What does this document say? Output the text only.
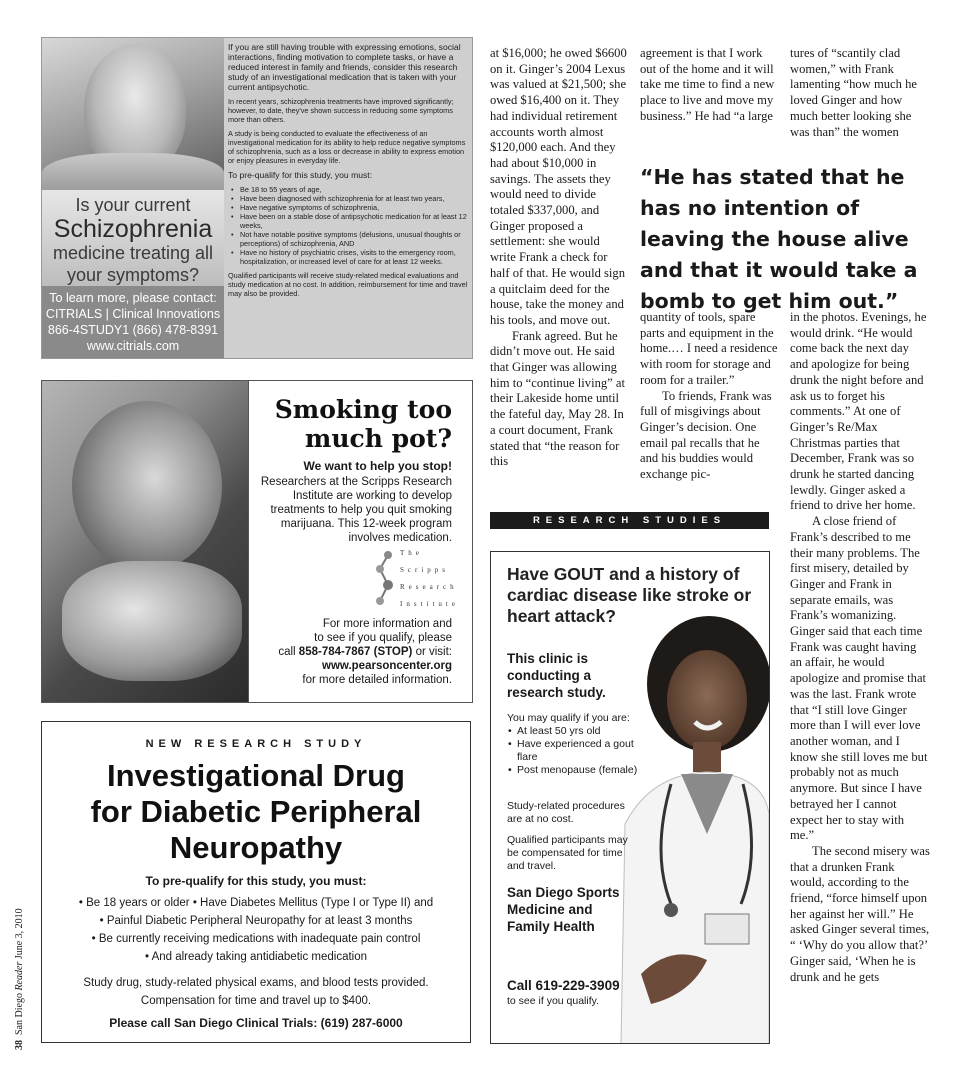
Is your current
Schizophrenia
medicine treating all
your symptoms?
To learn more, please contact:
CITRIALS | Clinical Innovations
866-4STUDY1 (866) 478-8391
www.citrials.com

If you are still having trouble with expressing emotions, social interactions, finding motivation to complete tasks, or have a reduced interest in family and friends, consider this research study of an investigational medication that is taken with your current antipsychotic.

In recent years, schizophrenia treatments have improved significantly; however, to date, they've shown success in reducing some symptoms more than others.

A study is being conducted to evaluate the effectiveness of an investigational medication for its ability to help reduce negative symptoms of schizophrenia, such as a loss or decrease in ability to express emotion or enjoy pleasures in everyday life.

To pre-qualify for this study, you must:

• Be 18 to 55 years of age,
• Have been diagnosed with schizophrenia for at least two years,
• Have negative symptoms of schizophrenia,
• Have been on a stable dose of antipsychotic medication for at least 12 weeks,
• Not have notable positive symptoms (delusions, unusual thoughts or perceptions) of schizophrenia, AND
• Have no history of psychiatric crises, visits to the emergency room, hospitalization, or increased level of care for at least 12 weeks.

Qualified participants will receive study-related medical evaluations and study medication at no cost. In addition, reimbursement for time and travel may also be provided.

Smoking too
much pot?
We want to help you stop!
Researchers at the Scripps Research Institute are working to develop treatments to help you quit smoking marijuana. This 12-week program involves medication.
The
Scripps
Research
Institute
For more information and
to see if you qualify, please
call 858-784-7867 (STOP) or visit:
www.pearsoncenter.org
for more detailed information.
NEW RESEARCH STUDY
Investigational Drug
for Diabetic Peripheral
Neuropathy
To pre-qualify for this study, you must:
• Be 18 years or older • Have Diabetes Mellitus (Type I or Type II) and
• Painful Diabetic Peripheral Neuropathy for at least 3 months
• Be currently receiving medications with inadequate pain control
• And already taking antidiabetic medication
Study drug, study-related physical exams, and blood tests provided.
Compensation for time and travel up to $400.
Please call San Diego Clinical Trials: (619) 287-6000
38  San Diego Reader June 3, 2010

at $16,000; he owed $6600 on it. Ginger’s 2004 Lexus was valued at $21,500; she owed $16,400 on it. They had individual retirement accounts worth almost $120,000 each. And they had about $10,000 in savings. The assets they would need to divide totaled $337,000, and Ginger proposed a settlement: she would write Frank a check for half of that. He would sign a quitclaim deed for the house, take the money and his tools, and move out.

Frank agreed. But he didn’t move out. He said that Ginger was allowing him to “continue living” at their Lakeside home until the fateful day, May 28. In a court document, Frank stated that “the reason for this

agreement is that I work out of the home and it will take me time to find a new place to live and move my business.” He had “a large

tures of “scantily clad women,” with Frank lamenting “how much he loved Ginger and how much better looking she was than” the women

“He has stated that he has no intention of leaving the house alive and that it would take a bomb to get him out.”

quantity of tools, spare parts and equipment in the home.… I need a residence with room for storage and room for a trailer.”

To friends, Frank was full of misgivings about Ginger’s decision. One email pal recalls that he and his buddies would exchange pic-

in the photos. Evenings, he would drink. “He would come back the next day and apologize for being drunk the night before and ask us to forget his comments.” At one of Ginger’s Re/Max Christmas parties that December, Frank was so drunk he started dancing lewdly. Ginger asked a friend to drive her home.

A close friend of Frank’s described to me their many problems. The first misery, detailed by Ginger and Frank in separate emails, was Frank’s womanizing. Ginger said that each time Frank was caught having an affair, he would apologize and promise that was the last. Frank wrote that “I still love Ginger more than I will ever love another woman, and I know she still loves me but probably not as much anymore. But since I have betrayed her I cannot expect her to stay with me.”

The second misery was that a drunken Frank would, according to the friend, “force himself upon her against her will.” He asked Ginger several times, “ ‘Why do you allow that?’ Ginger said, ‘When he is drunk and he gets

RESEARCH STUDIES
Have GOUT and a history of cardiac disease like stroke or heart attack?
This clinic is conducting a research study.
You may qualify if you are:
• At least 50 yrs old
• Have experienced a gout flare
• Post menopause (female)
Study-related procedures are at no cost.
Qualified participants may be compensated for time and travel.
San Diego Sports Medicine and Family Health
Call 619-229-3909
to see if you qualify.
